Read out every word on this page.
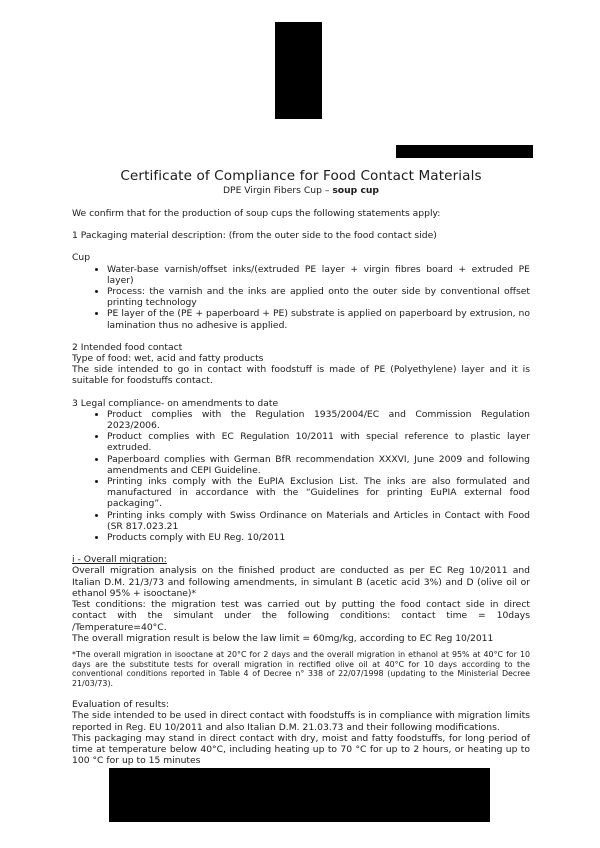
Certificate of Compliance for Food Contact Materials
DPE Virgin Fibers Cup – soup cup

We confirm that for the production of soup cups the following statements apply:

1 Packaging material description: (from the outer side to the food contact side)

Cup

• Water-base varnish/offset inks/(extruded PE layer + virgin fibres board + extruded PE layer)
• Process: the varnish and the inks are applied onto the outer side by conventional offset printing technology
• PE layer of the (PE + paperboard + PE) substrate is applied on paperboard by extrusion, no lamination thus no adhesive is applied.

2 Intended food contact

Type of food: wet, acid and fatty products

The side intended to go in contact with foodstuff is made of PE (Polyethylene) layer and it is suitable for foodstuffs contact.

3 Legal compliance- on amendments to date

• Product complies with the Regulation 1935/2004/EC and Commission Regulation 2023/2006.
• Product complies with EC Regulation 10/2011 with special reference to plastic layer extruded.
• Paperboard complies with German BfR recommendation XXXVI, June 2009 and following amendments and CEPI Guideline.
• Printing inks comply with the EuPIA Exclusion List. The inks are also formulated and manufactured in accordance with the “Guidelines for printing EuPIA external food packaging”.
• Printing inks comply with Swiss Ordinance on Materials and Articles in Contact with Food (SR 817.023.21
• Products comply with EU Reg. 10/2011

i - Overall migration:

Overall migration analysis on the finished product are conducted as per EC Reg 10/2011 and Italian D.M. 21/3/73 and following amendments, in simulant B (acetic acid 3%) and D (olive oil or ethanol 95% + isooctane)*

Test conditions: the migration test was carried out by putting the food contact side in direct contact with the simulant under the following conditions: contact time = 10days /Temperature=40°C.

The overall migration result is below the law limit = 60mg/kg, according to EC Reg 10/2011

*The overall migration in isooctane at 20°C for 2 days and the overall migration in ethanol at 95% at 40°C for 10 days are the substitute tests for overall migration in rectified olive oil at 40°C for 10 days according to the conventional conditions reported in Table 4 of Decree n° 338 of 22/07/1998 (updating to the Ministerial Decree 21/03/73).

Evaluation of results:

The side intended to be used in direct contact with foodstuffs is in compliance with migration limits reported in Reg. EU 10/2011 and also Italian D.M. 21.03.73 and their following modifications.

This packaging may stand in direct contact with dry, moist and fatty foodstuffs, for long period of time at temperature below 40°C, including heating up to 70 °C for up to 2 hours, or heating up to 100 °C for up to 15 minutes
